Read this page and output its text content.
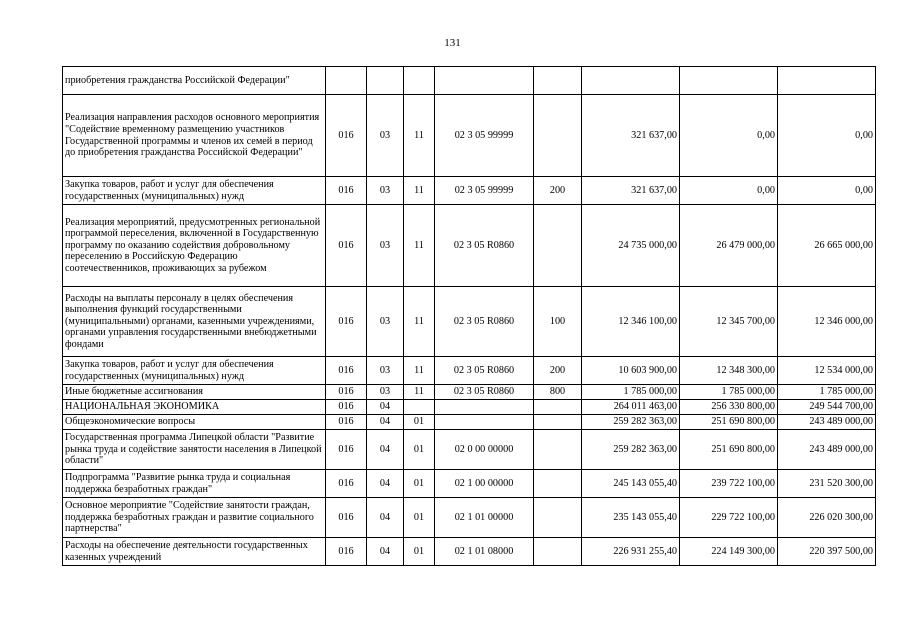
131
приобретения гражданства Российской Федерации"								
Реализация направления расходов основного мероприятия "Содействие временному размещению участников Государственной программы и членов их семей в период до приобретения гражданства Российской Федерации"	016	03	11	02 3 05 99999		321 637,00	0,00	0,00
Закупка товаров, работ и услуг для обеспечения государственных (муниципальных) нужд	016	03	11	02 3 05 99999	200	321 637,00	0,00	0,00
Реализация мероприятий, предусмотренных региональной программой переселения, включенной в Государственную программу по оказанию содействия добровольному переселению в Российскую Федерацию соотечественников, проживающих за рубежом	016	03	11	02 3 05 R0860		24 735 000,00	26 479 000,00	26 665 000,00
Расходы на выплаты персоналу в целях обеспечения выполнения функций государственными (муниципальными) органами, казенными учреждениями, органами управления государственными внебюджетными фондами	016	03	11	02 3 05 R0860	100	12 346 100,00	12 345 700,00	12 346 000,00
Закупка товаров, работ и услуг для обеспечения государственных (муниципальных) нужд	016	03	11	02 3 05 R0860	200	10 603 900,00	12 348 300,00	12 534 000,00
Иные бюджетные ассигнования	016	03	11	02 3 05 R0860	800	1 785 000,00	1 785 000,00	1 785 000,00
НАЦИОНАЛЬНАЯ ЭКОНОМИКА	016	04				264 011 463,00	256 330 800,00	249 544 700,00
Общеэкономические вопросы	016	04	01			259 282 363,00	251 690 800,00	243 489 000,00
Государственная программа Липецкой области "Развитие рынка труда и содействие занятости населения в Липецкой области"	016	04	01	02 0 00 00000		259 282 363,00	251 690 800,00	243 489 000,00
Подпрограмма "Развитие рынка труда и социальная поддержка безработных граждан"	016	04	01	02 1 00 00000		245 143 055,40	239 722 100,00	231 520 300,00
Основное мероприятие "Содействие занятости граждан, поддержка безработных граждан и развитие социального партнерства"	016	04	01	02 1 01 00000		235 143 055,40	229 722 100,00	226 020 300,00
Расходы на обеспечение деятельности государственных казенных учреждений	016	04	01	02 1 01 08000		226 931 255,40	224 149 300,00	220 397 500,00
